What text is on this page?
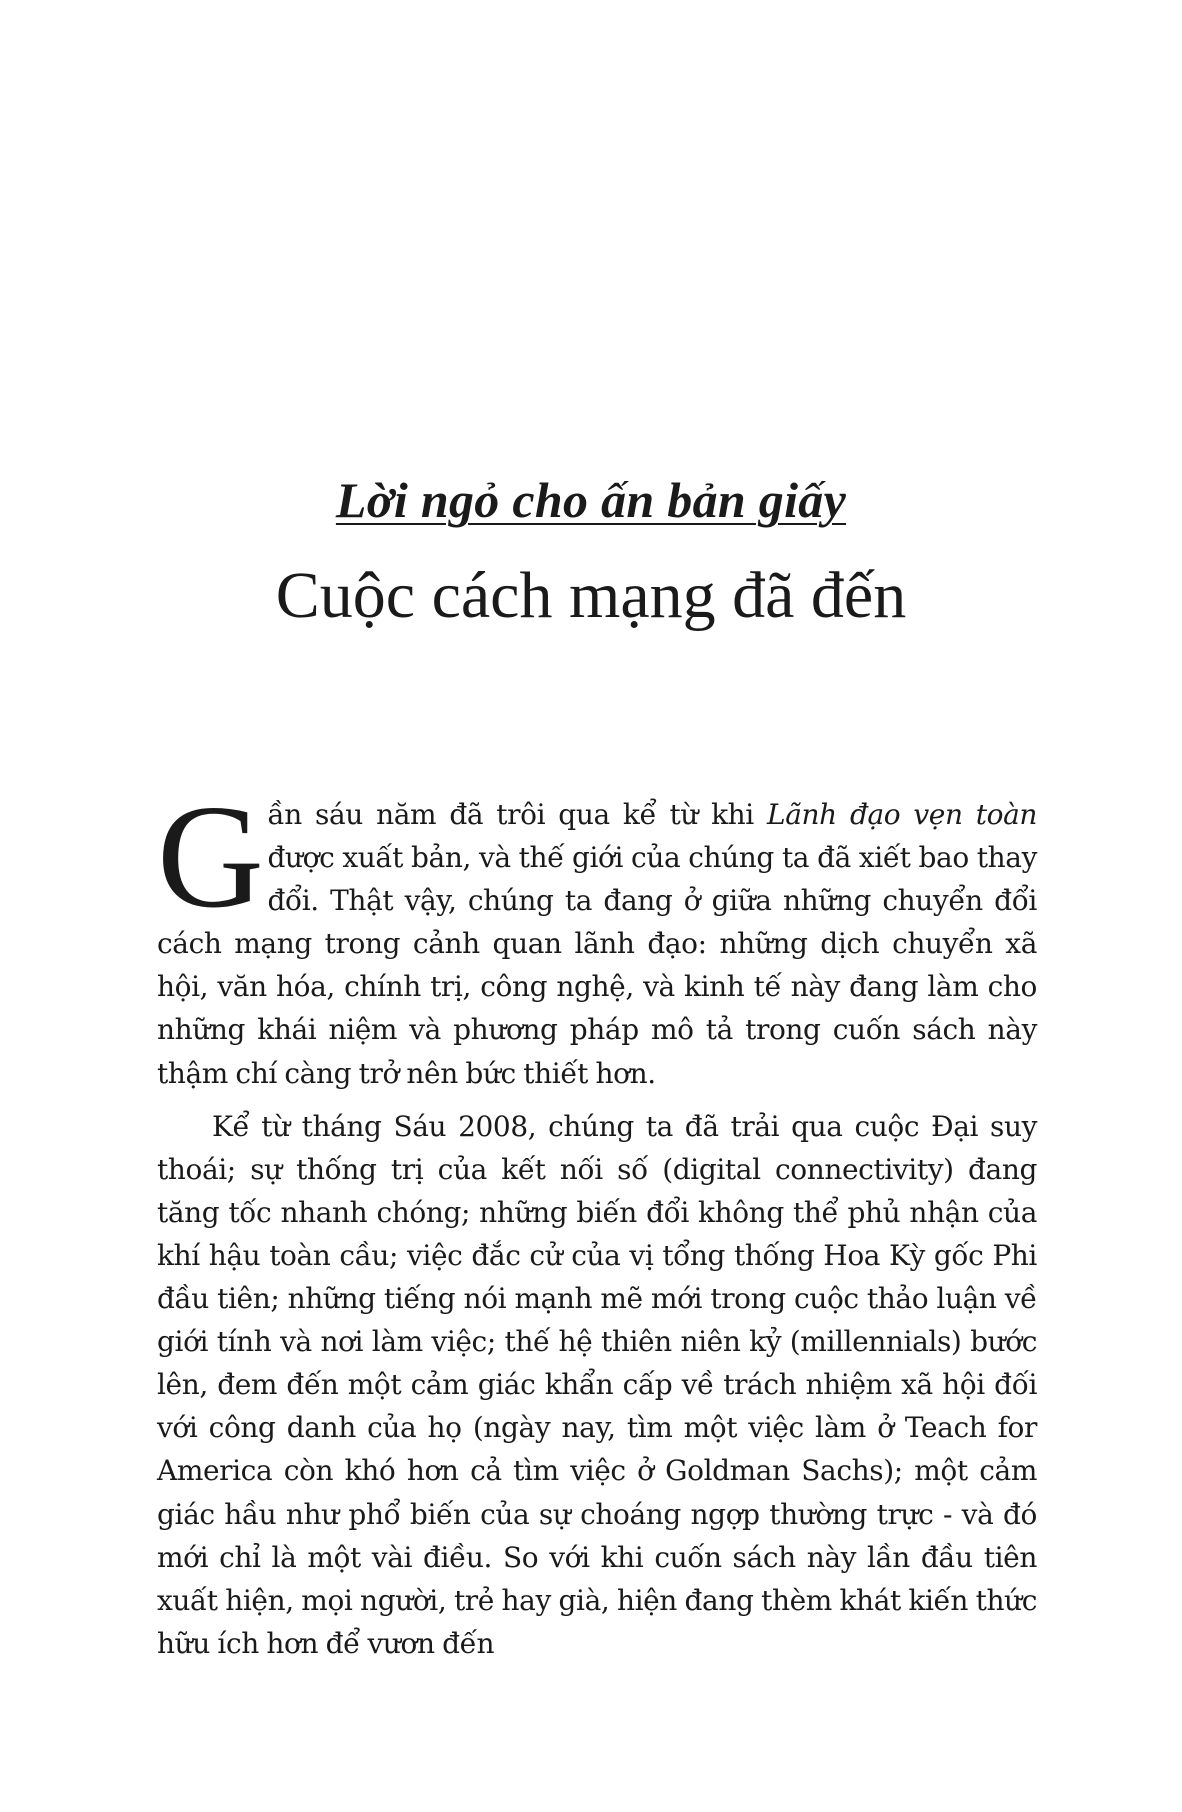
Lời ngỏ cho ấn bản giấy
Cuộc cách mạng đã đến

Gần sáu năm đã trôi qua kể từ khi Lãnh đạo vẹn toàn được xuất bản, và thế giới của chúng ta đã xiết bao thay đổi. Thật vậy, chúng ta đang ở giữa những chuyển đổi cách mạng trong cảnh quan lãnh đạo: những dịch chuyển xã hội, văn hóa, chính trị, công nghệ, và kinh tế này đang làm cho những khái niệm và phương pháp mô tả trong cuốn sách này thậm chí càng trở nên bức thiết hơn.

Kể từ tháng Sáu 2008, chúng ta đã trải qua cuộc Đại suy thoái; sự thống trị của kết nối số (digital connectivity) đang tăng tốc nhanh chóng; những biến đổi không thể phủ nhận của khí hậu toàn cầu; việc đắc cử của vị tổng thống Hoa Kỳ gốc Phi đầu tiên; những tiếng nói mạnh mẽ mới trong cuộc thảo luận về giới tính và nơi làm việc; thế hệ thiên niên kỷ (millennials) bước lên, đem đến một cảm giác khẩn cấp về trách nhiệm xã hội đối với công danh của họ (ngày nay, tìm một việc làm ở Teach for America còn khó hơn cả tìm việc ở Goldman Sachs); một cảm giác hầu như phổ biến của sự choáng ngợp thường trực - và đó mới chỉ là một vài điều. So với khi cuốn sách này lần đầu tiên xuất hiện, mọi người, trẻ hay già, hiện đang thèm khát kiến thức hữu ích hơn để vươn đến
